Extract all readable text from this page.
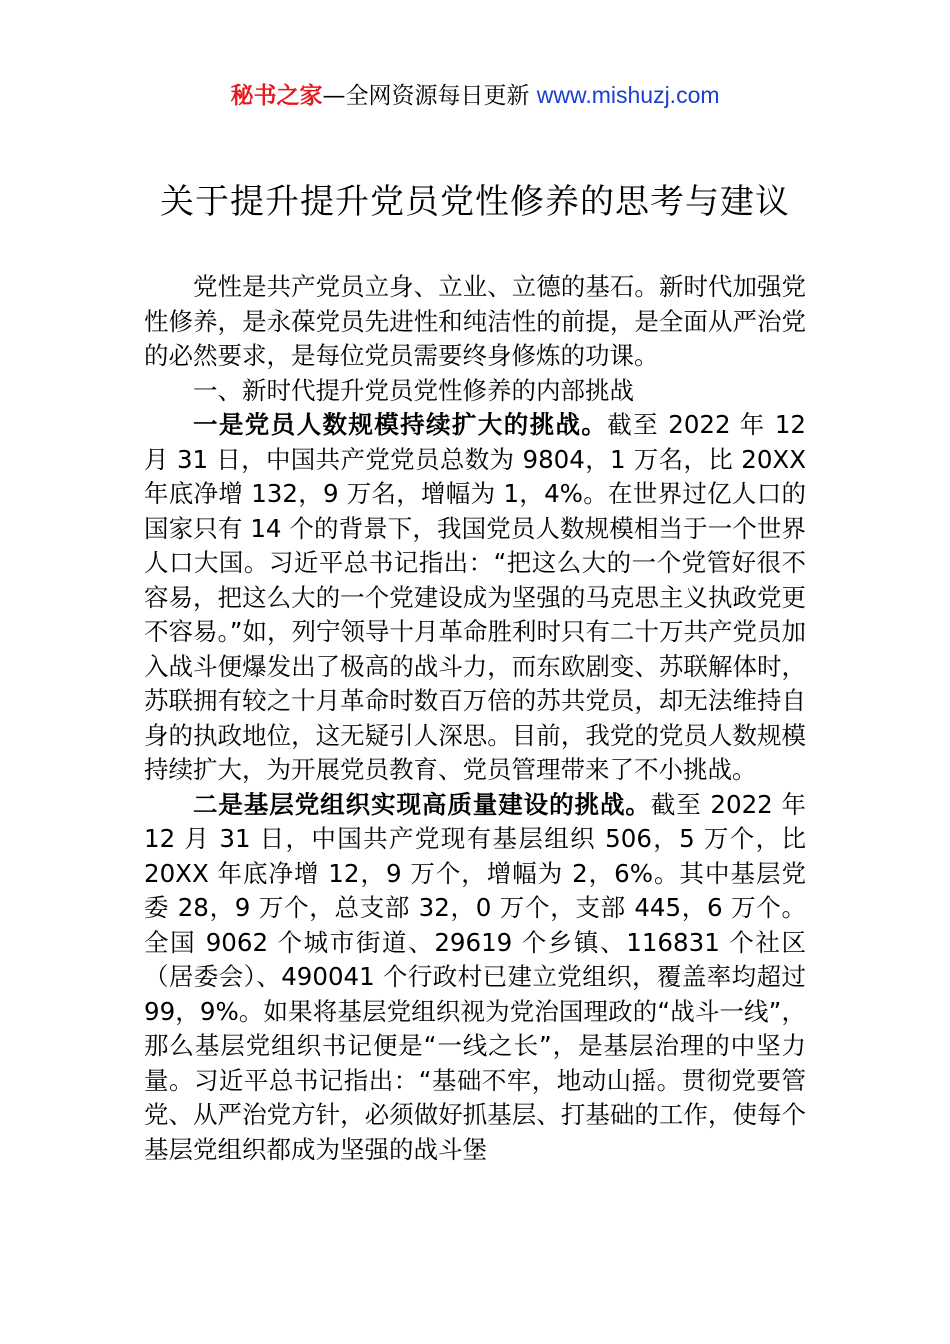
秘书之家—全网资源每日更新 www.mishuzj.com
关于提升提升党员党性修养的思考与建议

党性是共产党员立身、立业、立德的基石。新时代加强党性修养，是永葆党员先进性和纯洁性的前提，是全面从严治党的必然要求，是每位党员需要终身修炼的功课。

一、新时代提升党员党性修养的内部挑战

一是党员人数规模持续扩大的挑战。截至 2022 年 12 月 31 日，中国共产党党员总数为 9804，1 万名，比 20XX 年底净增 132，9 万名，增幅为 1，4%。在世界过亿人口的国家只有 14 个的背景下，我国党员人数规模相当于一个世界人口大国。习近平总书记指出：“把这么大的一个党管好很不容易，把这么大的一个党建设成为坚强的马克思主义执政党更不容易。”如，列宁领导十月革命胜利时只有二十万共产党员加入战斗便爆发出了极高的战斗力，而东欧剧变、苏联解体时，苏联拥有较之十月革命时数百万倍的苏共党员，却无法维持自身的执政地位，这无疑引人深思。目前，我党的党员人数规模持续扩大，为开展党员教育、党员管理带来了不小挑战。

二是基层党组织实现高质量建设的挑战。截至 2022 年 12 月 31 日，中国共产党现有基层组织 506，5 万个，比 20XX 年底净增 12，9 万个，增幅为 2，6%。其中基层党委 28，9 万个，总支部 32，0 万个，支部 445，6 万个。全国 9062 个城市街道、29619 个乡镇、116831 个社区（居委会）、490041 个行政村已建立党组织，覆盖率均超过 99，9%。如果将基层党组织视为党治国理政的“战斗一线”，那么基层党组织书记便是“一线之长”，是基层治理的中坚力量。习近平总书记指出：“基础不牢，地动山摇。贯彻党要管党、从严治党方针，必须做好抓基层、打基础的工作，使每个基层党组织都成为坚强的战斗堡
